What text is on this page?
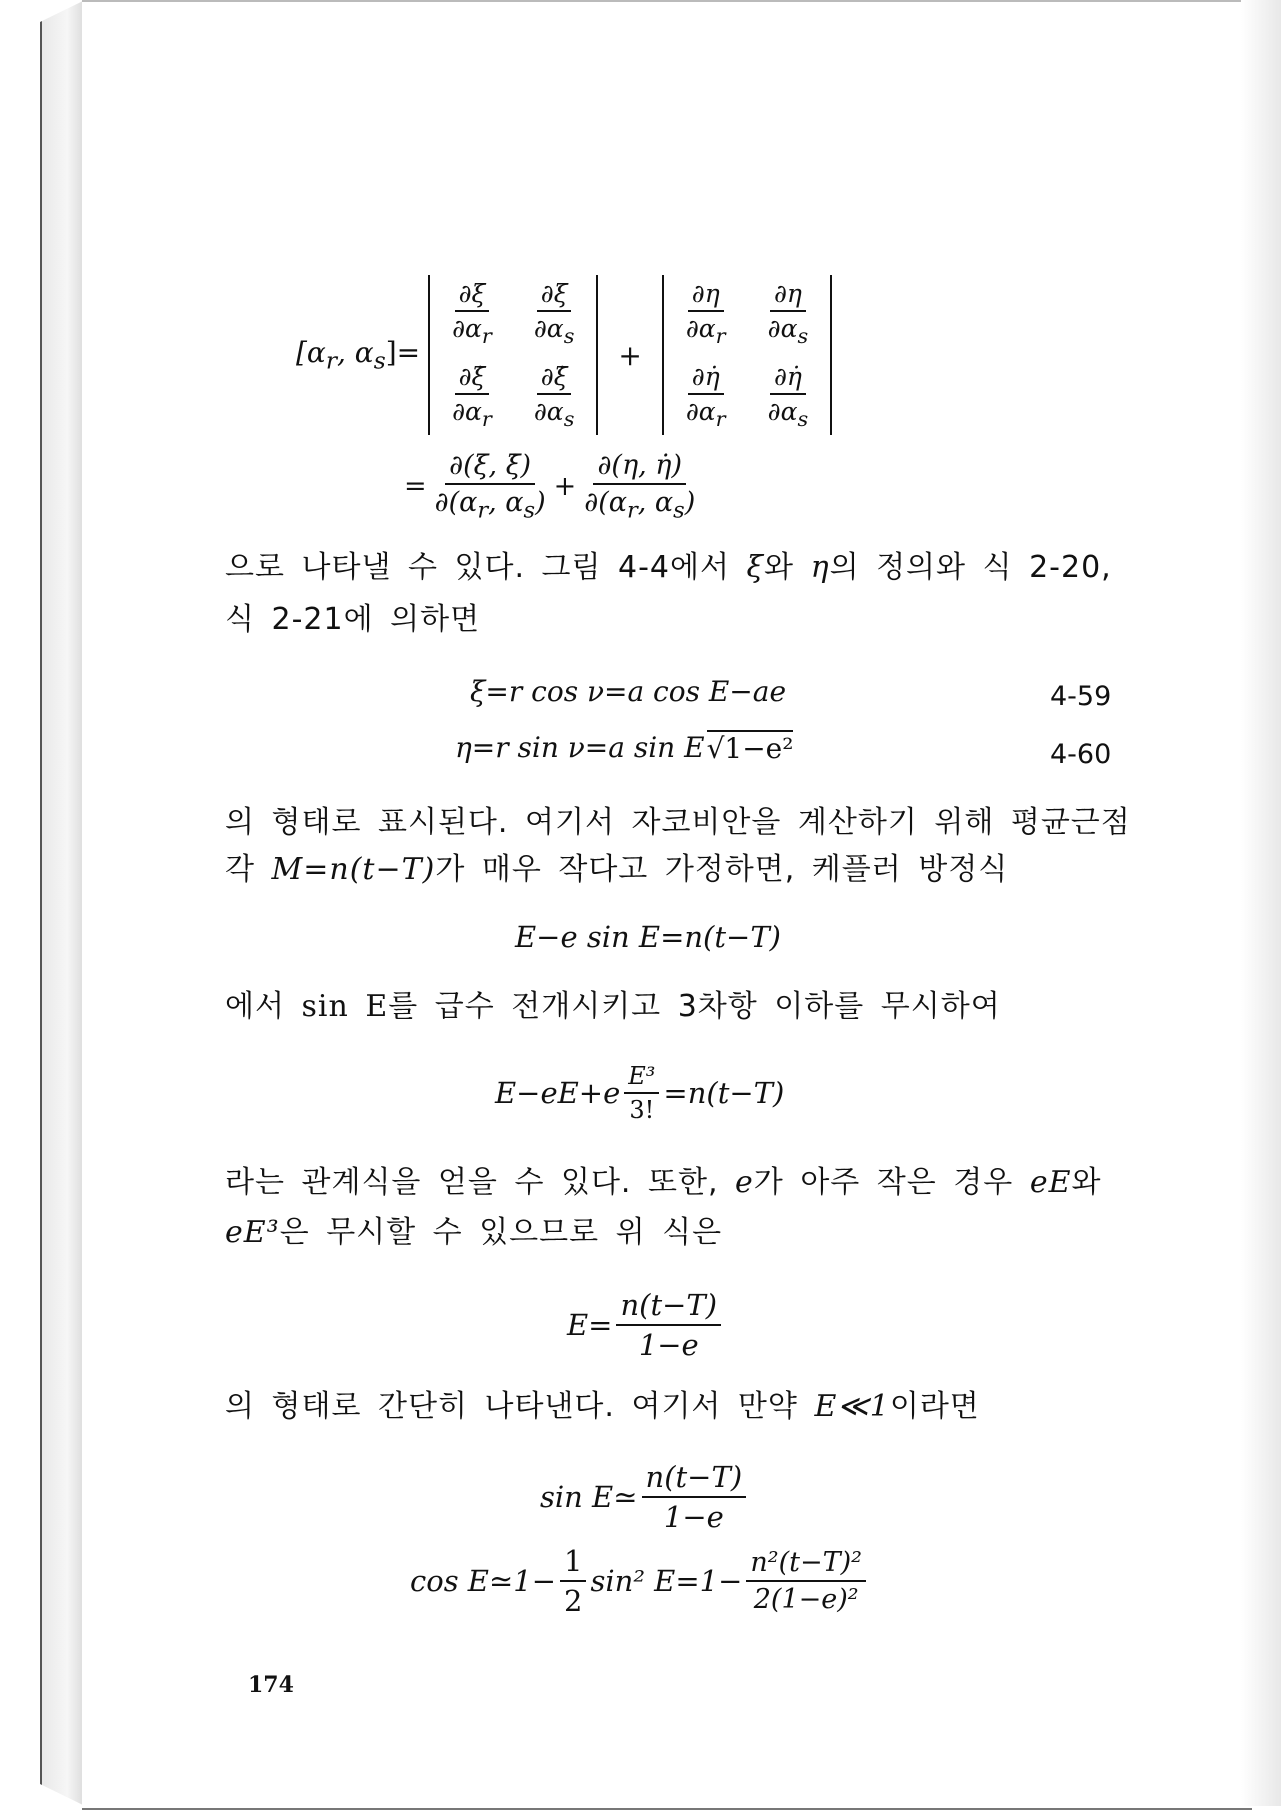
[$\alpha_r$, $\alpha_s]=$
$\frac{\partial\xi}{\partial\alpha_r} \frac{\partial\xi}{\partial\alpha_s}$
$\frac{\partial\xi̇}{\partial\alpha_r} \frac{\partial\xi̇}{\partial\alpha_s}$
+
$\frac{\partial\eta}{\partial\alpha_r} \frac{\partial\eta}{\partial\alpha_s}$
$\frac{\partial\etȧ}{\partial\alpha_r} \frac{\partial\etȧ}{\partial\alpha_s}$
= $\frac{\partial(\xi, \xi̇)}{\partial(\alpha_r, \alpha_s)} + \frac{\partial(\eta, \etȧ)}{\partial(\alpha_r, \alpha_s)}$
으로 나타낼 수 있다. 그림 4-4에서 ξ와 η의 정의와 식 2-20,
식 2-21에 의하면
ξ=r cos ν=a cos E−ae	4-59
η=r sin ν=a sin E √1−e²	4-60
의 형태로 표시된다. 여기서 자코비안을 계산하기 위해 평균근점
각 M=n(t−T)가 매우 작다고 가정하면, 케플러 방정식
E−e sin E=n(t−T)
에서 sin E를 급수 전개시키고 3차항 이하를 무시하여
$E-eE+e \frac{\text{E³}}{3!} =n(t-T)$
라는 관계식을 얻을 수 있다. 또한, e가 아주 작은 경우 eE와
eE³은 무시할 수 있으므로 위 식은
$E= \frac{n(t-T)}{1-e}$
의 형태로 간단히 나타낸다. 여기서 만약 E≪1이라면
sin E≃ $\frac{n(t-T)}{1-e}$
cos E≃1− $\frac{1}{2} \sin^2$ $E=1- \frac{\text{n²(t−T)²}}{\text{2(1−e)²}}$
174
